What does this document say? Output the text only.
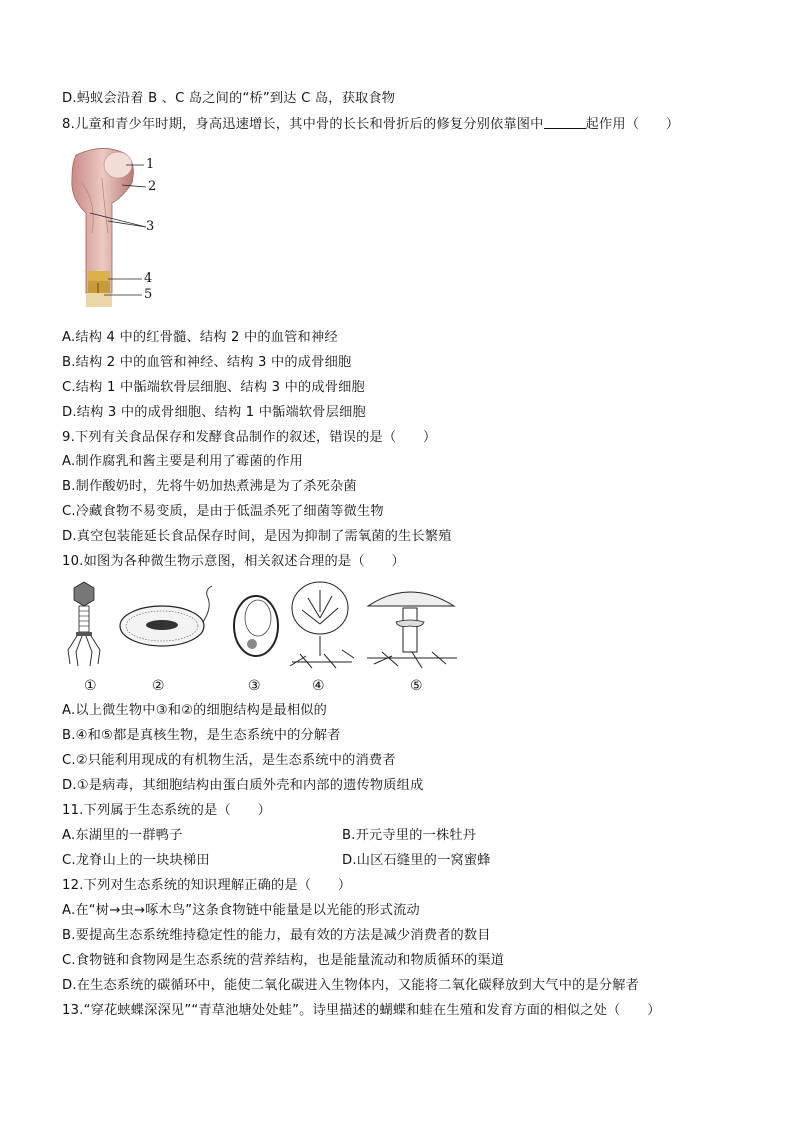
D.蚂蚁会沿着 B 、C 岛之间的“桥”到达 C 岛，获取食物
8.儿童和青少年时期，身高迅速增长，其中骨的长长和骨折后的修复分别依靠图中	起作用（　　）
1
2
3
4
5
A.结构 4 中的红骨髓、结构 2 中的血管和神经
B.结构 2 中的血管和神经、结构 3 中的成骨细胞
C.结构 1 中骺端软骨层细胞、结构 3 中的成骨细胞
D.结构 3 中的成骨细胞、结构 1 中骺端软骨层细胞
9.下列有关食品保存和发酵食品制作的叙述，错误的是（　　）
A.制作腐乳和酱主要是利用了霉菌的作用
B.制作酸奶时，先将牛奶加热煮沸是为了杀死杂菌
C.冷藏食物不易变质，是由于低温杀死了细菌等微生物
D.真空包装能延长食品保存时间，是因为抑制了需氧菌的生长繁殖
10.如图为各种微生物示意图，相关叙述合理的是（　　）
①	②	③	④	⑤
A.以上微生物中③和②的细胞结构是最相似的
B.④和⑤都是真核生物，是生态系统中的分解者
C.②只能利用现成的有机物生活，是生态系统中的消费者
D.①是病毒，其细胞结构由蛋白质外壳和内部的遗传物质组成
11.下列属于生态系统的是（　　）
A.东湖里的一群鸭子	B.开元寺里的一株牡丹
C.龙脊山上的一块块梯田	D.山区石缝里的一窝蜜蜂
12.下列对生态系统的知识理解正确的是（　　）
A.在“树→虫→啄木鸟”这条食物链中能量是以光能的形式流动
B.要提高生态系统维持稳定性的能力，最有效的方法是减少消费者的数目
C.食物链和食物网是生态系统的营养结构，也是能量流动和物质循环的渠道
D.在生态系统的碳循环中，能使二氧化碳进入生物体内，又能将二氧化碳释放到大气中的是分解者
13.“穿花蛱蝶深深见”“青草池塘处处蛙”。诗里描述的蝴蝶和蛙在生殖和发育方面的相似之处（　　）
